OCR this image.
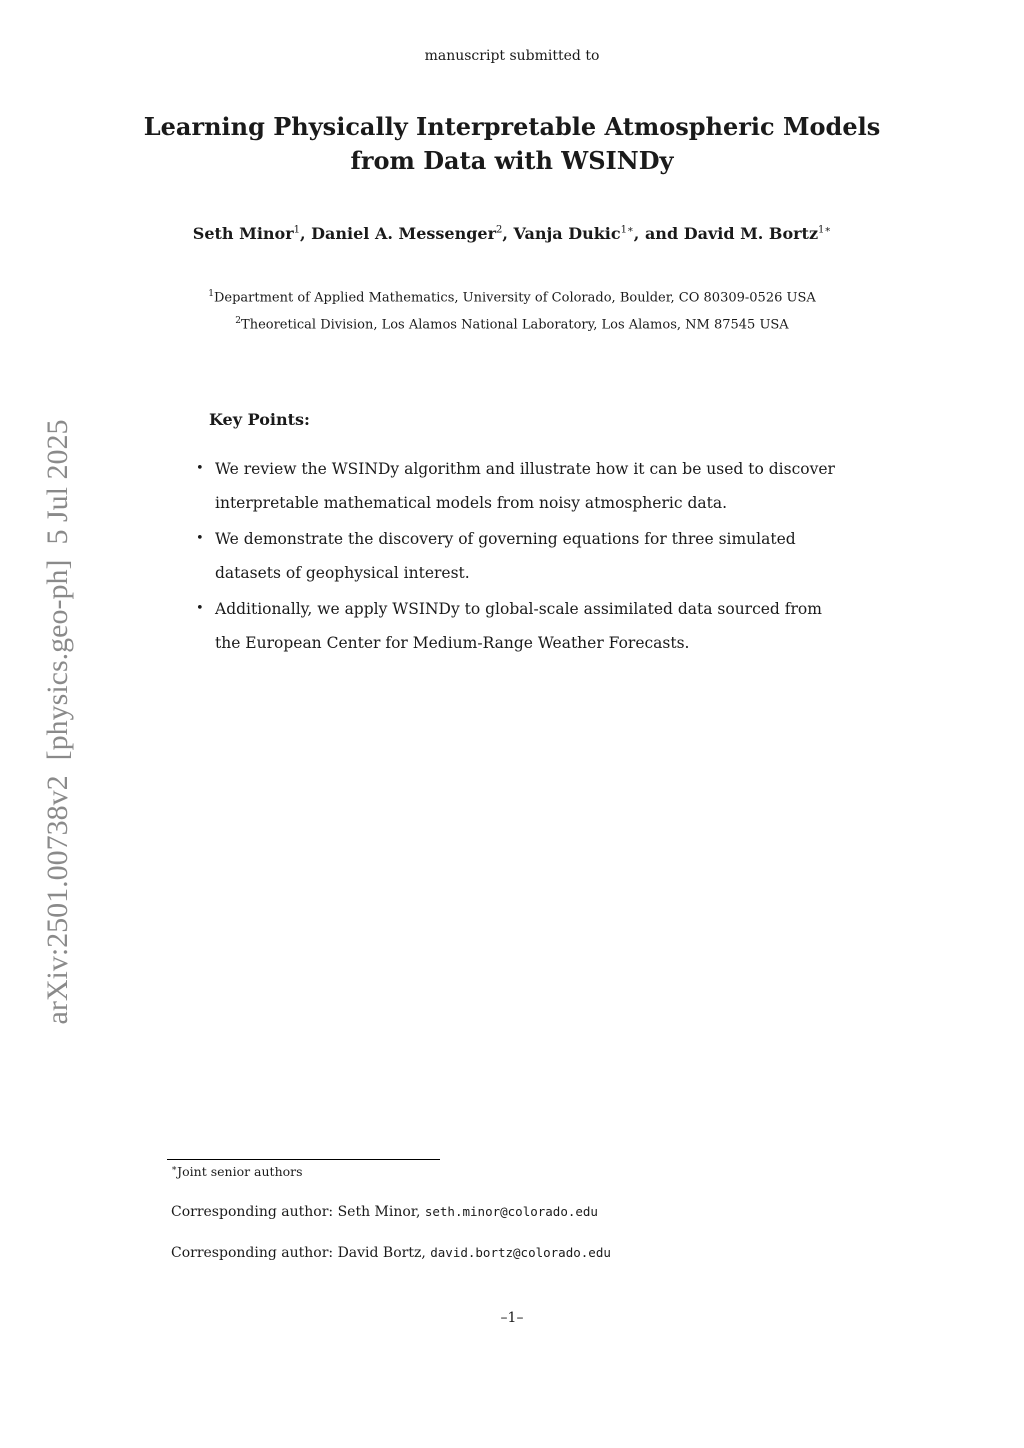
manuscript submitted to
Learning Physically Interpretable Atmospheric Models
from Data with WSINDy
Seth Minor$^1$, Daniel A. Messenger$^2$, Vanja Dukic$^{1∗}$, and David M. Bortz$^{1∗}$
$^1$Department of Applied Mathematics, University of Colorado, Boulder, CO 80309-0526 USA
$^2$Theoretical Division, Los Alamos National Laboratory, Los Alamos, NM 87545 USA
Key Points:
• We review the WSINDy algorithm and illustrate how it can be used to discover interpretable mathematical models from noisy atmospheric data.
• We demonstrate the discovery of governing equations for three simulated datasets of geophysical interest.
• Additionally, we apply WSINDy to global-scale assimilated data sourced from the European Center for Medium-Range Weather Forecasts.
arXiv:2501.00738v2  [physics.geo-ph]  5 Jul 2025
∗Joint senior authors
Corresponding author: Seth Minor, seth.minor@colorado.edu
Corresponding author: David Bortz, david.bortz@colorado.edu
–1–
